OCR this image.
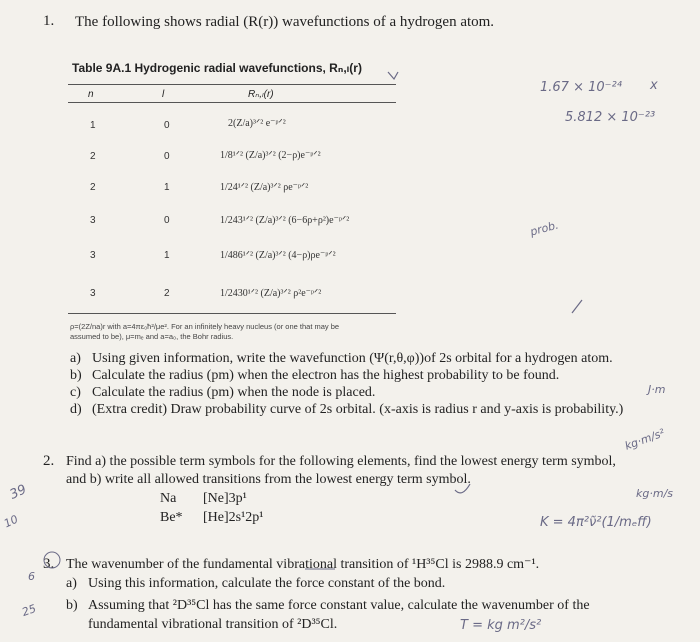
1. The following shows radial (R(r)) wavefunctions of a hydrogen atom.
Table 9A.1 Hydrogenic radial wavefunctions, Rₙ,ₗ(r)
n	l	Rₙ,ₗ(r)
1	0	2(Z/a)³ᐟ² e⁻ᵖᐟ²
2	0	1/8¹ᐟ² (Z/a)³ᐟ² (2−ρ)e⁻ᵖᐟ²
2	1	1/24¹ᐟ² (Z/a)³ᐟ² ρe⁻ᵖᐟ²
3	0	1/243¹ᐟ² (Z/a)³ᐟ² (6−6ρ+ρ²)e⁻ᵖᐟ²
3	1	1/486¹ᐟ² (Z/a)³ᐟ² (4−ρ)ρe⁻ᵖᐟ²
3	2	1/2430¹ᐟ² (Z/a)³ᐟ² ρ²e⁻ᵖᐟ²
ρ=(2Z/na)r with a=4πε₀ħ²/μe². For an infinitely heavy nucleus (or one that may be
assumed to be), μ=mₑ and a=a₀, the Bohr radius.
a) Using given information, write the wavefunction (Ψ(r,θ,φ))of 2s orbital for a hydrogen atom.
b) Calculate the radius (pm) when the electron has the highest probability to be found.
c) Calculate the radius (pm) when the node is placed.
d) (Extra credit) Draw probability curve of 2s orbital. (x-axis is radius r and y-axis is probability.)
2. Find a) the possible term symbols for the following elements, find the lowest energy term symbol,
and b) write all allowed transitions from the lowest energy term symbol.
Na [Ne]3p¹
Be* [He]2s¹2p¹
3. The wavenumber of the fundamental vibrational transition of ¹H³⁵Cl is 2988.9 cm⁻¹.
a) Using this information, calculate the force constant of the bond.
b) Assuming that ²D³⁵Cl has the same force constant value, calculate the wavenumber of the
fundamental vibrational transition of ²D³⁵Cl.
1.67 × 10⁻²⁴ x
5.812 × 10⁻²³
prob.
J·m
kg·m/s²
kg·m/s
K = 4π²ν̃²(1/mₑff)
T = kg m²/s²
39
10
6
25
